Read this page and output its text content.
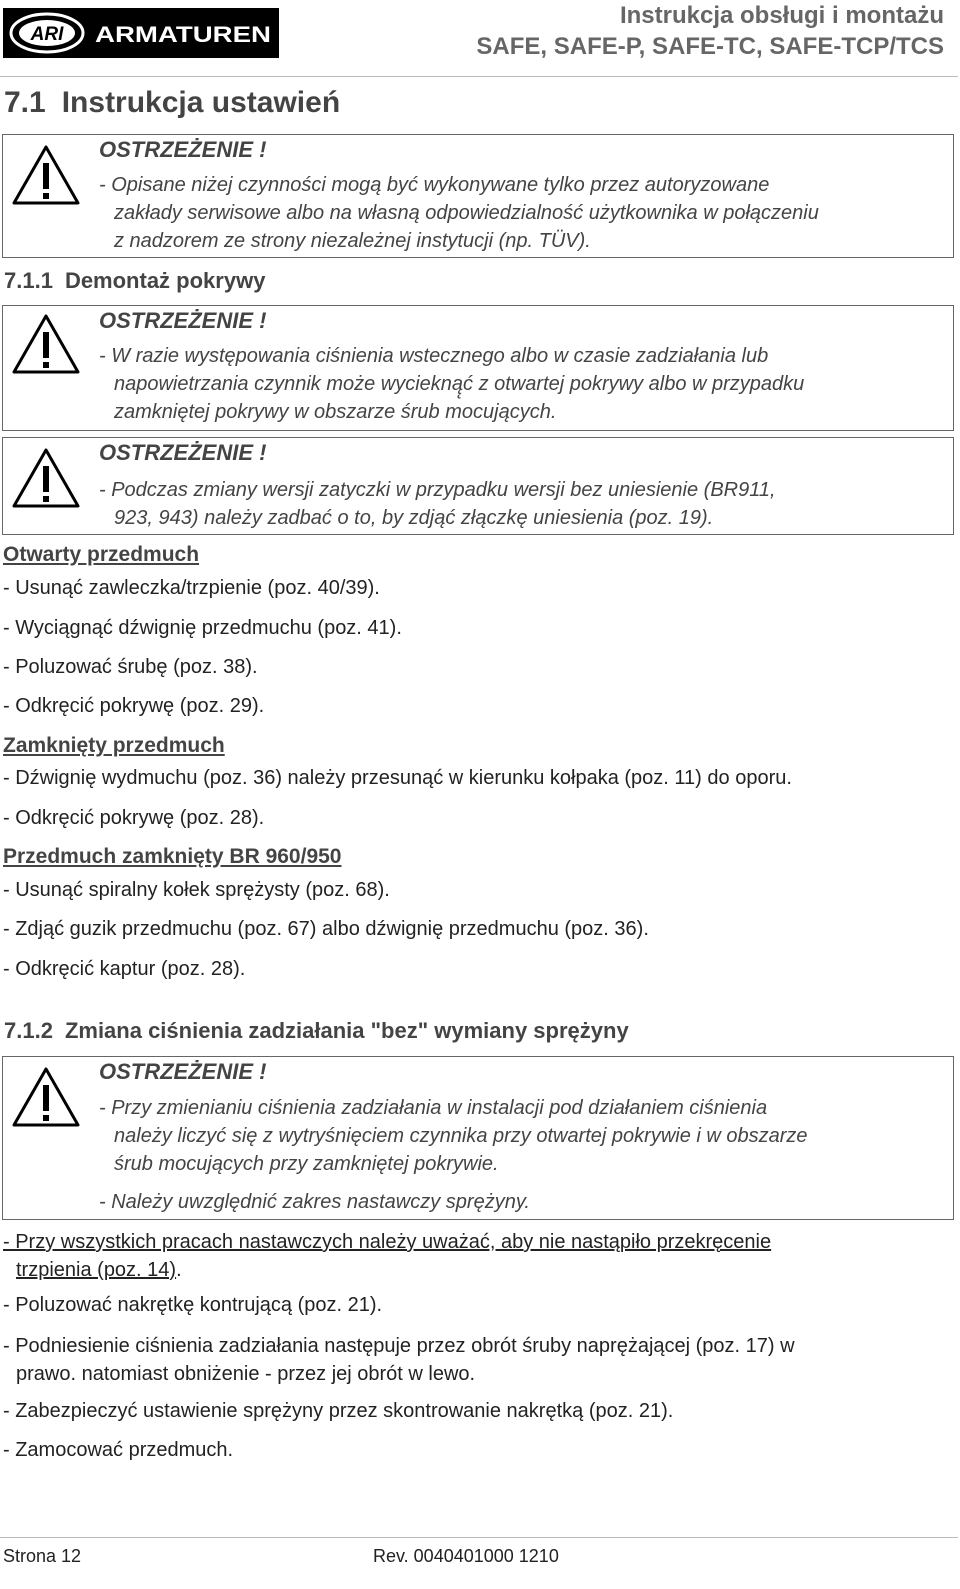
ARI ARMATUREN
Instrukcja obsługi i montażu
SAFE, SAFE-P, SAFE-TC, SAFE-TCP/TCS
7.1 Instrukcja ustawień
OSTRZEŻENIE !
- Opisane niżej czynności mogą być wykonywane tylko przez autoryzowane
zakłady serwisowe albo na własną odpowiedzialność użytkownika w połączeniu
z nadzorem ze strony niezależnej instytucji (np. TÜV).
7.1.1 Demontaż pokrywy
OSTRZEŻENIE !
- W razie występowania ciśnienia wstecznego albo w czasie zadziałania lub
napowietrzania czynnik może wyciekną̨ć z otwartej pokrywy albo w przypadku
zamkniętej pokrywy w obszarze śrub mocujących.
OSTRZEŻENIE !
- Podczas zmiany wersji zatyczki w przypadku wersji bez uniesienie (BR911,
923, 943) należy zadbać o to, by zdjąć złączkę uniesienia (poz. 19).
Otwarty przedmuch
- Usunąć zawleczka/trzpienie (poz. 40/39).
- Wyciągnąć dźwignię przedmuchu (poz. 41).
- Poluzować śrubę (poz. 38).
- Odkręcić pokrywę (poz. 29).
Zamknięty przedmuch
- Dźwignię wydmuchu (poz. 36) należy przesunąć w kierunku kołpaka (poz. 11) do oporu.
- Odkręcić pokrywę (poz. 28).
Przedmuch zamknięty BR 960/950
- Usunąć spiralny kołek sprężysty (poz. 68).
- Zdjąć guzik przedmuchu (poz. 67) albo dźwignię przedmuchu (poz. 36).
- Odkręcić kaptur (poz. 28).
7.1.2 Zmiana ciśnienia zadziałania "bez" wymiany sprężyny
OSTRZEŻENIE !
- Przy zmienianiu ciśnienia zadziałania w instalacji pod działaniem ciśnienia
należy liczyć się z wytryśnięciem czynnika przy otwartej pokrywie i w obszarze
śrub mocujących przy zamkniętej pokrywie.
- Należy uwzględnić zakres nastawczy sprężyny.
- Przy wszystkich pracach nastawczych należy uważać, aby nie nastąpiło przekręcenie
trzpienia (poz. 14).
- Poluzować nakrętkę kontrującą (poz. 21).
- Podniesienie ciśnienia zadziałania następuje przez obrót śruby naprężającej (poz. 17) w
prawo. natomiast obniżenie - przez jej obrót w lewo.
- Zabezpieczyć ustawienie sprężyny przez skontrowanie nakrętką (poz. 21).
- Zamocować przedmuch.
Strona 12	Rev. 0040401000 1210
